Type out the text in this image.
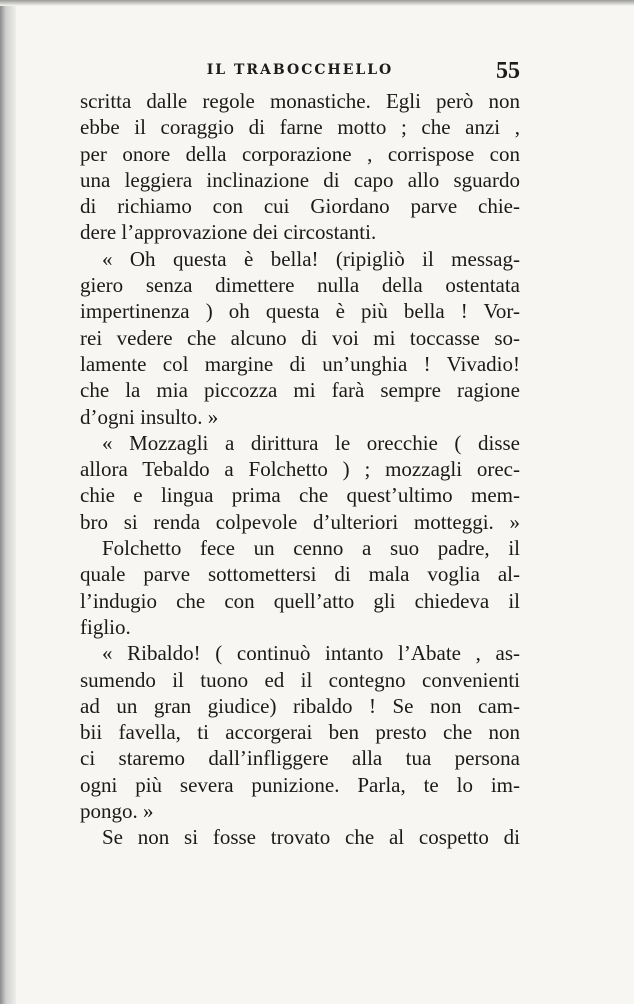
IL TRABOCCHELLO	55
scritta dalle regole monastiche. Egli però non
ebbe il coraggio di farne motto ; che anzi ,
per onore della corporazione , corrispose con
una leggiera inclinazione di capo allo sguardo
di richiamo con cui Giordano parve chie-
dere l’approvazione dei circostanti.
« Oh questa è bella! (ripigliò il messag-
giero senza dimettere nulla della ostentata
impertinenza ) oh questa è più bella ! Vor-
rei vedere che alcuno di voi mi toccasse so-
lamente col margine di un’unghia ! Vivadio!
che la mia piccozza mi farà sempre ragione
d’ogni insulto. »
« Mozzagli a dirittura le orecchie ( disse
allora Tebaldo a Folchetto ) ; mozzagli orec-
chie e lingua prima che quest’ultimo mem-
bro si renda colpevole d’ulteriori motteggi. »
Folchetto fece un cenno a suo padre, il
quale parve sottomettersi di mala voglia al-
l’indugio che con quell’atto gli chiedeva il
figlio.
« Ribaldo! ( continuò intanto l’Abate , as-
sumendo il tuono ed il contegno convenienti
ad un gran giudice) ribaldo ! Se non cam-
bii favella, ti accorgerai ben presto che non
ci staremo dall’infliggere alla tua persona
ogni più severa punizione. Parla, te lo im-
pongo. »
Se non si fosse trovato che al cospetto di
